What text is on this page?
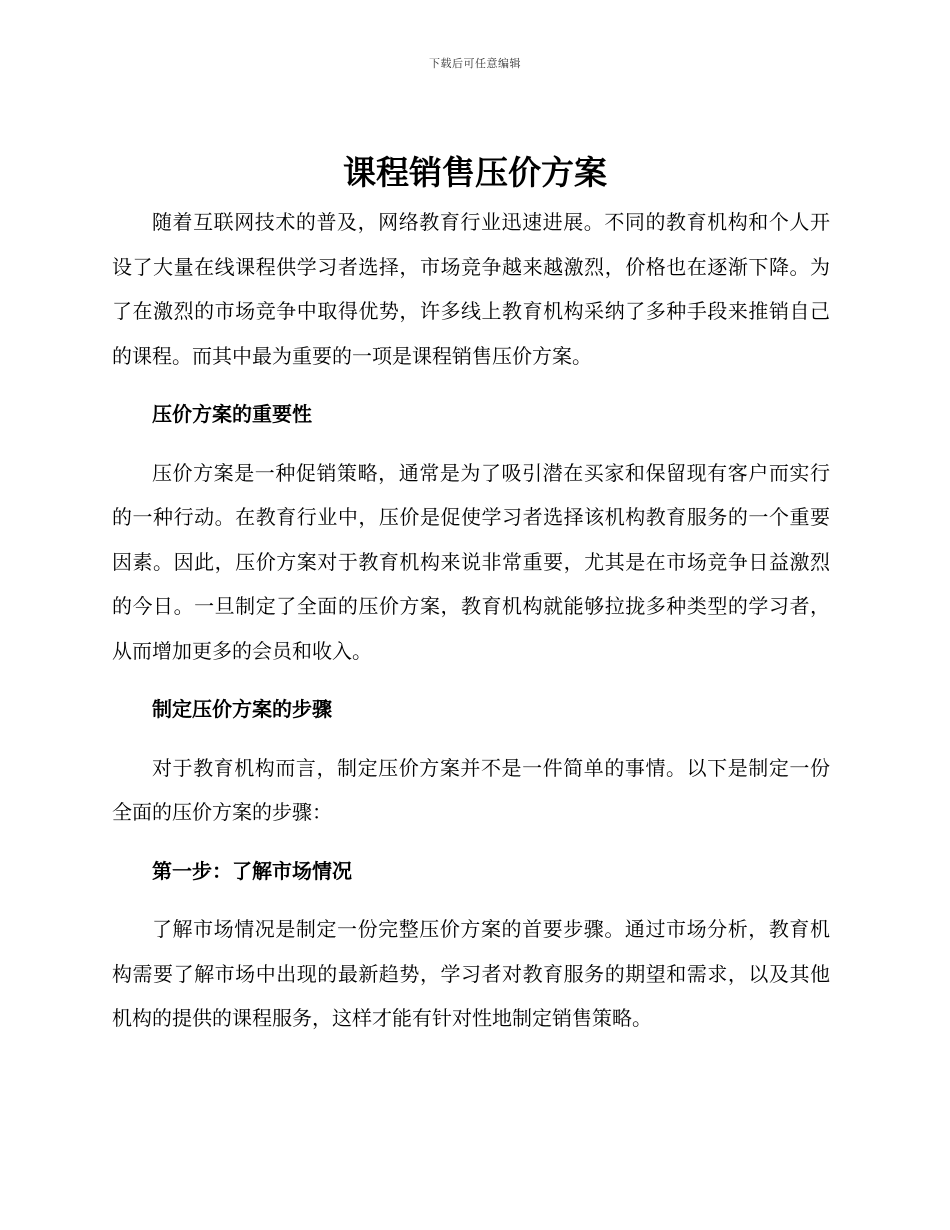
下载后可任意编辑
课程销售压价方案

随着互联网技术的普及，网络教育行业迅速进展。不同的教育机构和个人开设了大量在线课程供学习者选择，市场竞争越来越激烈，价格也在逐渐下降。为了在激烈的市场竞争中取得优势，许多线上教育机构采纳了多种手段来推销自己的课程。而其中最为重要的一项是课程销售压价方案。

压价方案的重要性

压价方案是一种促销策略，通常是为了吸引潜在买家和保留现有客户而实行的一种行动。在教育行业中，压价是促使学习者选择该机构教育服务的一个重要因素。因此，压价方案对于教育机构来说非常重要，尤其是在市场竞争日益激烈的今日。一旦制定了全面的压价方案，教育机构就能够拉拢多种类型的学习者，从而增加更多的会员和收入。

制定压价方案的步骤

对于教育机构而言，制定压价方案并不是一件简单的事情。以下是制定一份全面的压价方案的步骤：

第一步：了解市场情况

了解市场情况是制定一份完整压价方案的首要步骤。通过市场分析，教育机构需要了解市场中出现的最新趋势，学习者对教育服务的期望和需求，以及其他机构的提供的课程服务，这样才能有针对性地制定销售策略。
